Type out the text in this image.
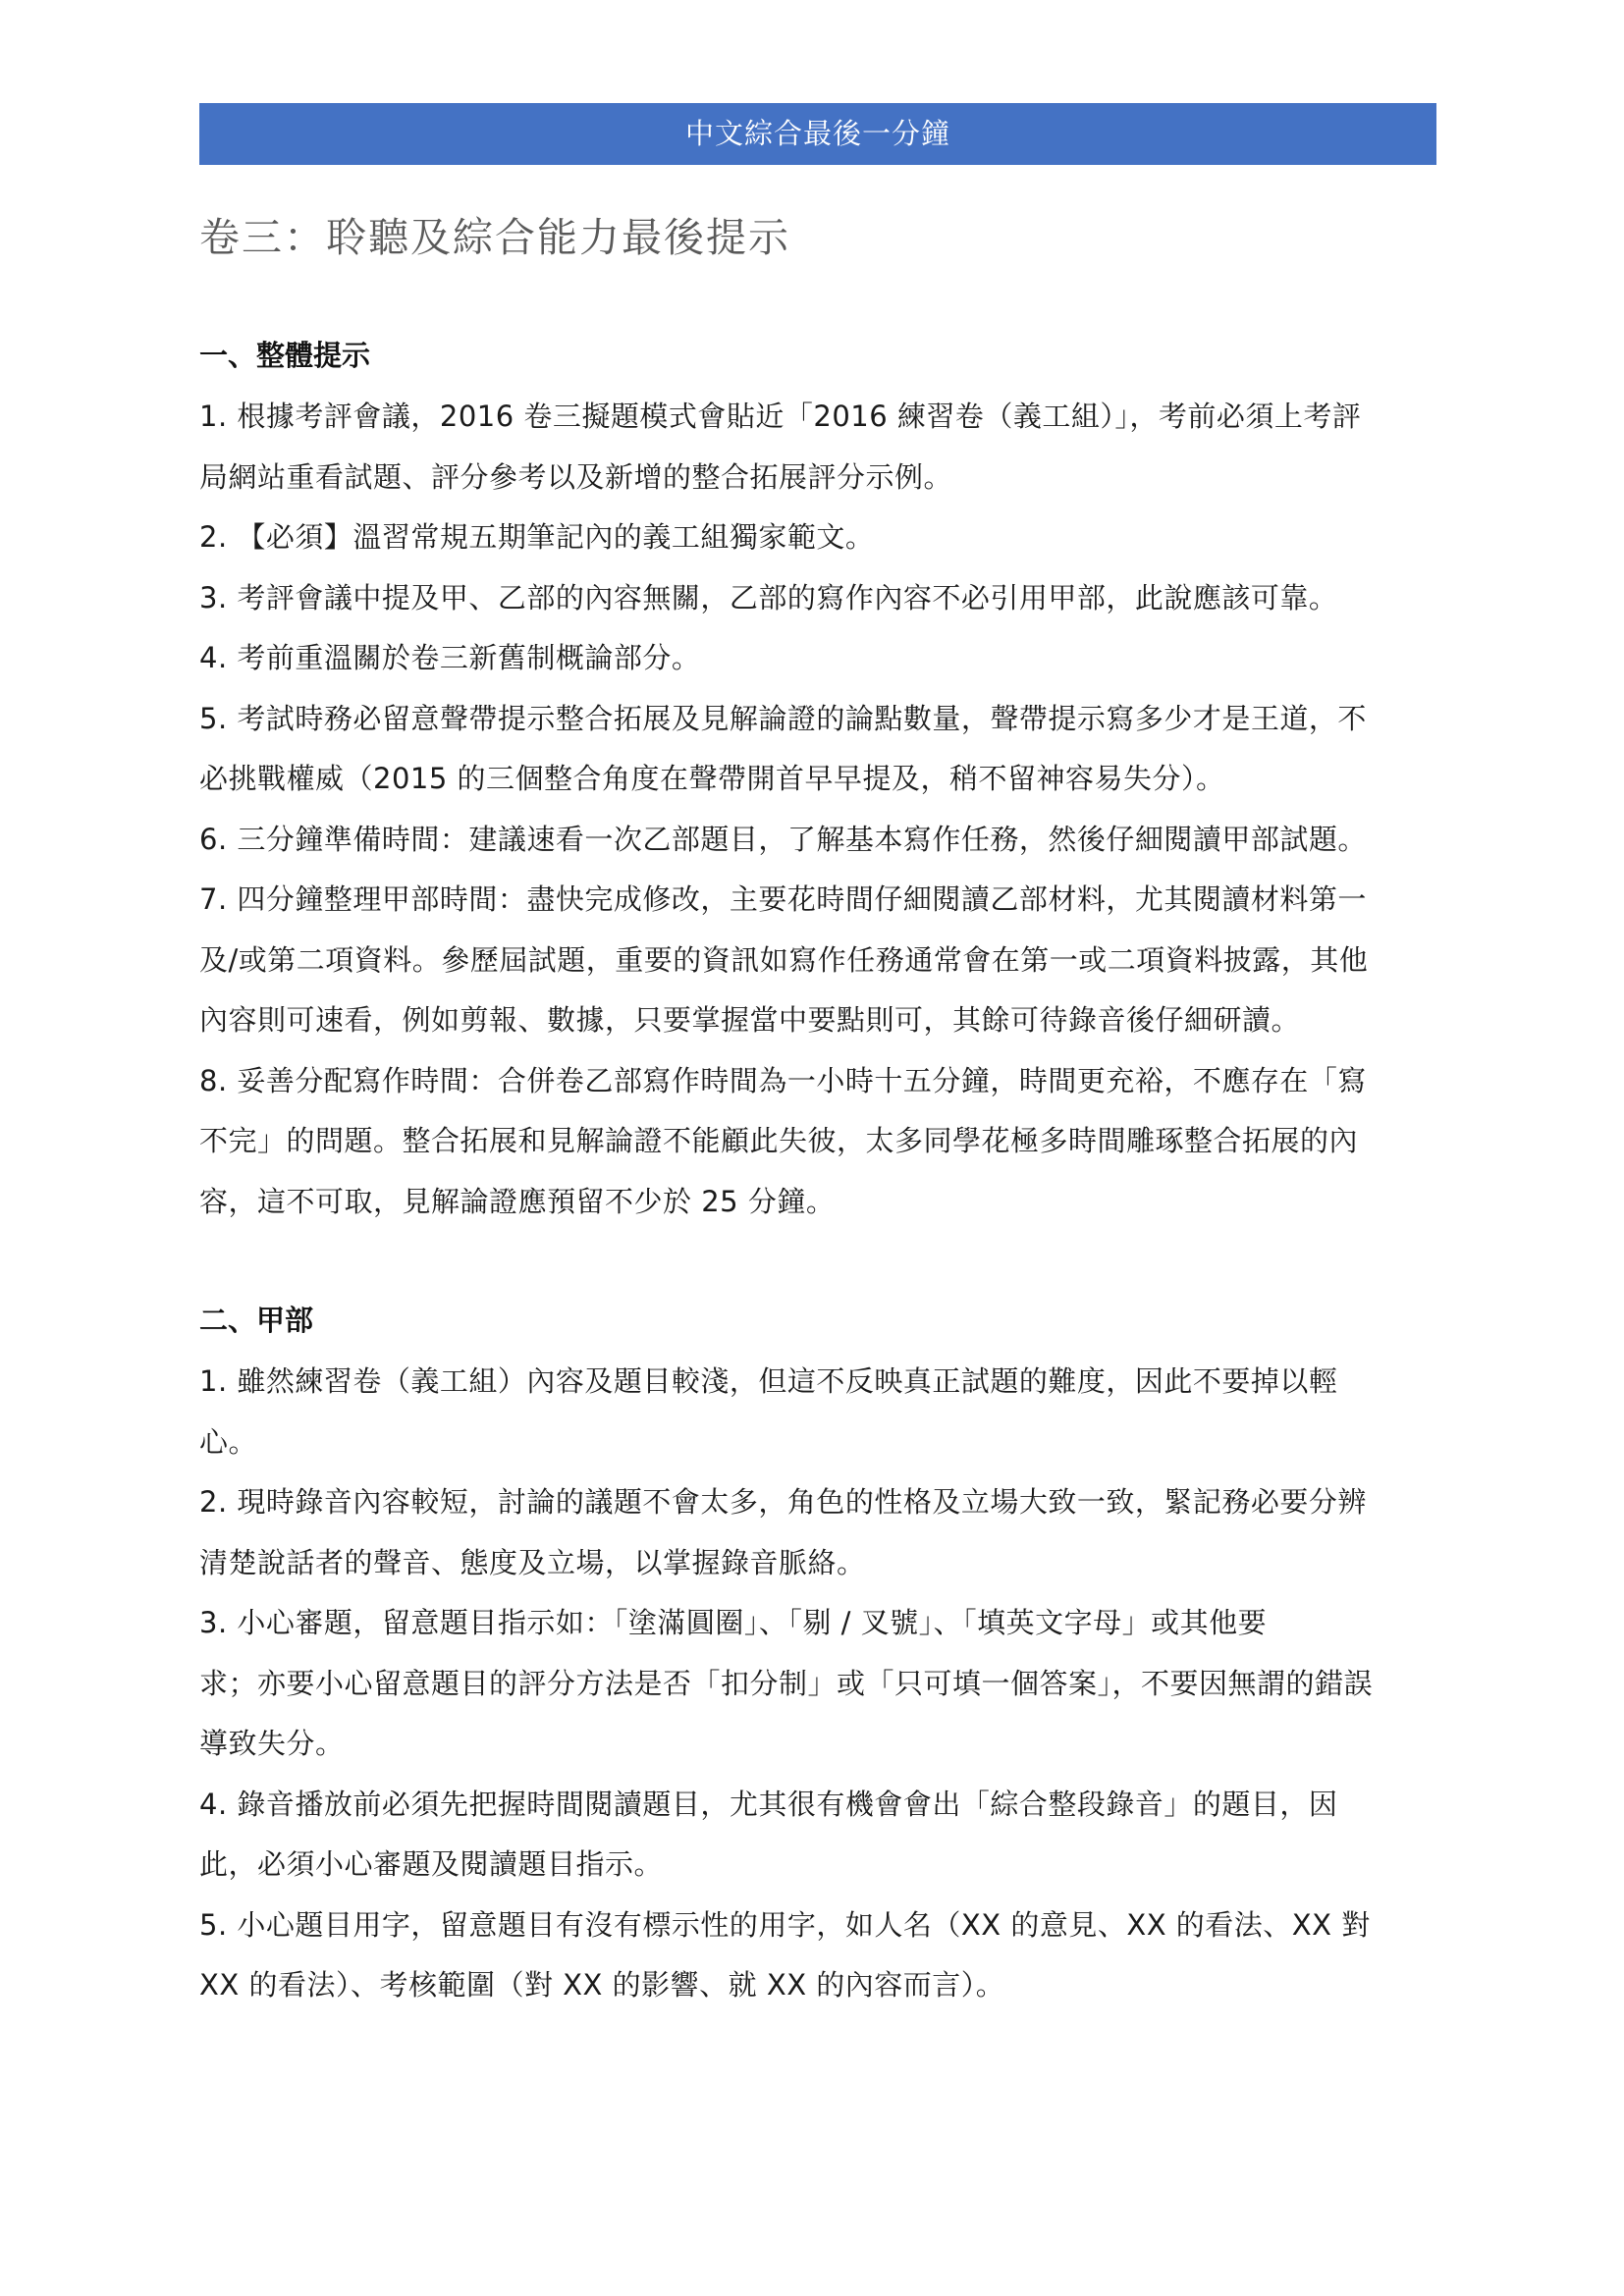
中文綜合最後一分鐘
卷三：聆聽及綜合能力最後提示
一、整體提示
1. 根據考評會議，2016 卷三擬題模式會貼近「2016 練習卷（義工組）」，考前必須上考評
局網站重看試題、評分參考以及新增的整合拓展評分示例。
2. 【必須】溫習常規五期筆記內的義工組獨家範文。
3. 考評會議中提及甲、乙部的內容無關，乙部的寫作內容不必引用甲部，此說應該可靠。
4. 考前重溫關於卷三新舊制概論部分。
5. 考試時務必留意聲帶提示整合拓展及見解論證的論點數量，聲帶提示寫多少才是王道，不
必挑戰權威（2015 的三個整合角度在聲帶開首早早提及，稍不留神容易失分）。
6. 三分鐘準備時間：建議速看一次乙部題目，了解基本寫作任務，然後仔細閱讀甲部試題。
7. 四分鐘整理甲部時間：盡快完成修改，主要花時間仔細閱讀乙部材料，尤其閱讀材料第一
及/或第二項資料。參歷屆試題，重要的資訊如寫作任務通常會在第一或二項資料披露，其他
內容則可速看，例如剪報、數據，只要掌握當中要點則可，其餘可待錄音後仔細研讀。
8. 妥善分配寫作時間：合併卷乙部寫作時間為一小時十五分鐘，時間更充裕，不應存在「寫
不完」的問題。整合拓展和見解論證不能顧此失彼，太多同學花極多時間雕琢整合拓展的內
容，這不可取，見解論證應預留不少於 25 分鐘。
二、甲部
1. 雖然練習卷（義工組）內容及題目較淺，但這不反映真正試題的難度，因此不要掉以輕
心。
2. 現時錄音內容較短，討論的議題不會太多，角色的性格及立場大致一致，緊記務必要分辨
清楚說話者的聲音、態度及立場，以掌握錄音脈絡。
3. 小心審題，留意題目指示如：「塗滿圓圈」、「剔 / 叉號」、「填英文字母」或其他要
求；亦要小心留意題目的評分方法是否「扣分制」或「只可填一個答案」，不要因無謂的錯誤
導致失分。
4. 錄音播放前必須先把握時間閱讀題目，尤其很有機會會出「綜合整段錄音」的題目，因
此，必須小心審題及閱讀題目指示。
5. 小心題目用字，留意題目有沒有標示性的用字，如人名（XX 的意見、XX 的看法、XX 對
XX 的看法）、考核範圍（對 XX 的影響、就 XX 的內容而言）。
